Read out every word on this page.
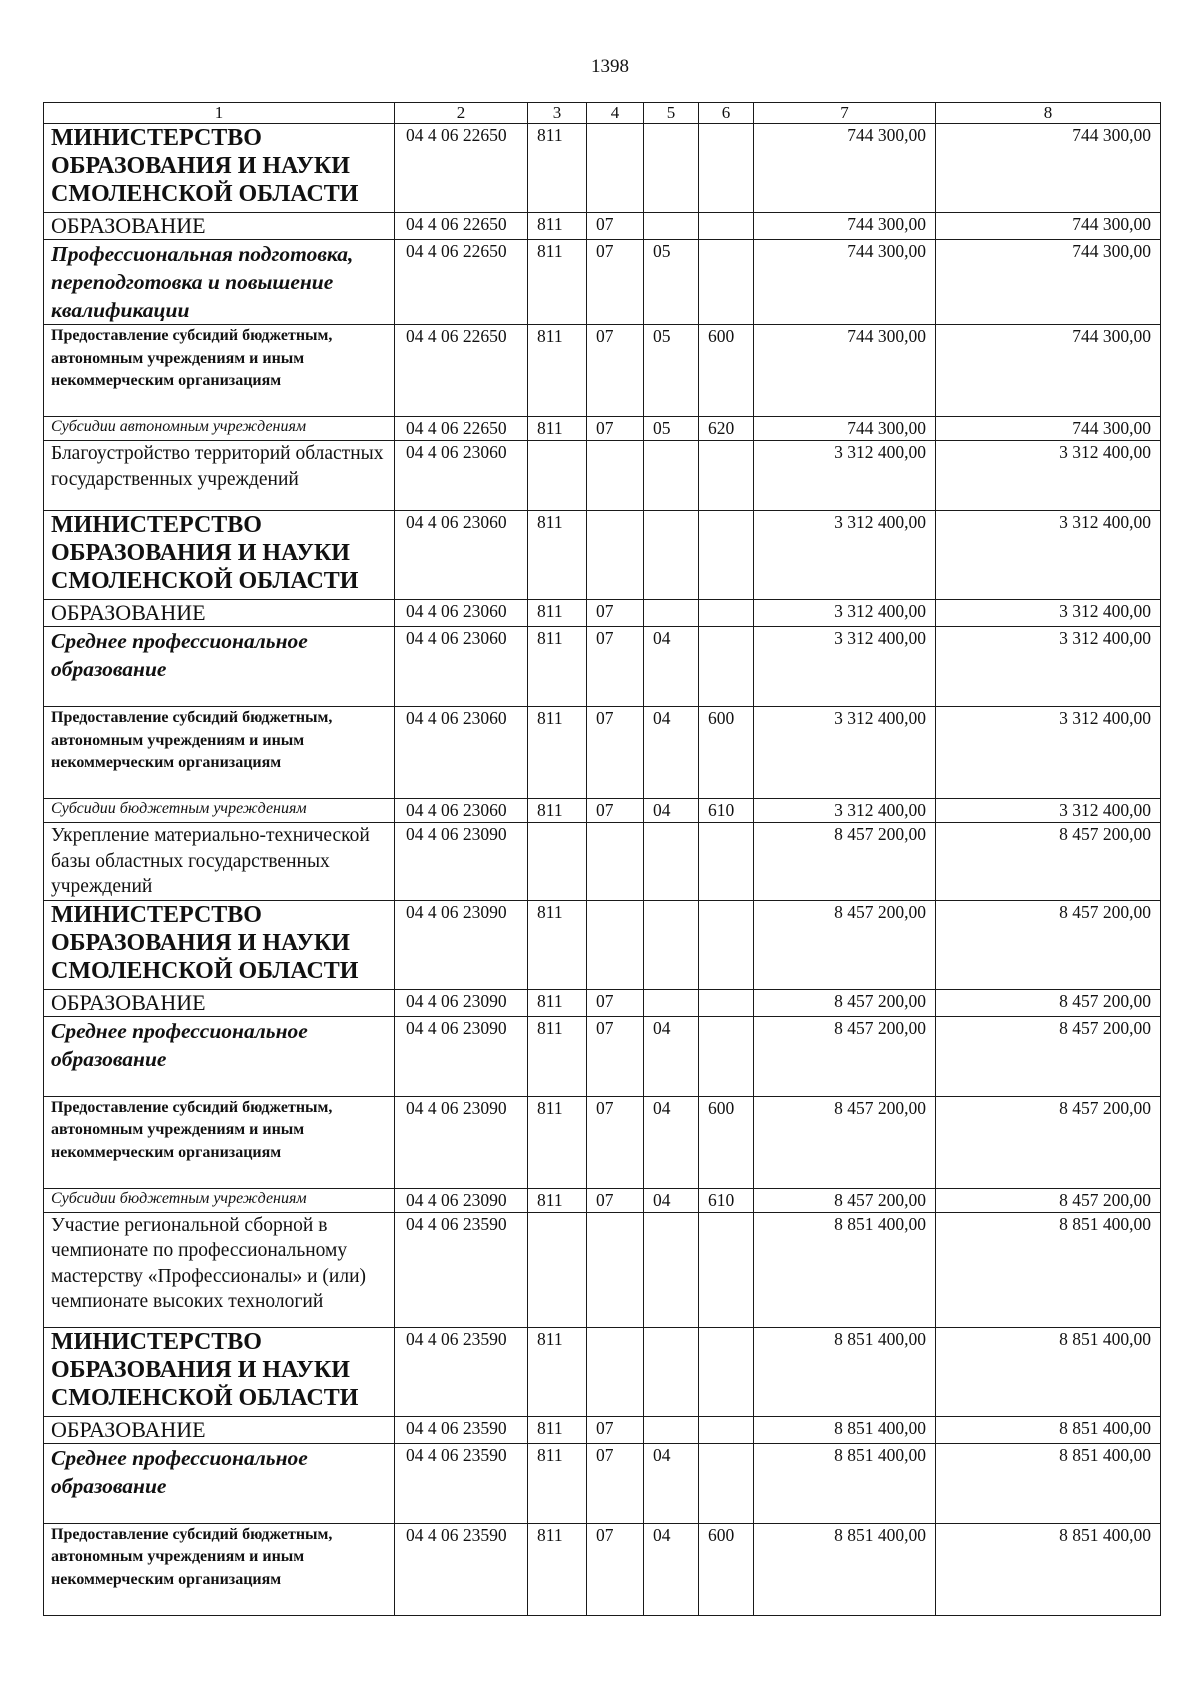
1398
1	2	3	4	5	6	7	8
МИНИСТЕРСТВО ОБРАЗОВАНИЯ И НАУКИ СМОЛЕНСКОЙ ОБЛАСТИ	04 4 06 22650	811				744 300,00	744 300,00
ОБРАЗОВАНИЕ	04 4 06 22650	811	07			744 300,00	744 300,00
Профессиональная подготовка, переподготовка и повышение квалификации	04 4 06 22650	811	07	05		744 300,00	744 300,00
Предоставление субсидий бюджетным, автономным учреждениям и иным некоммерческим организациям	04 4 06 22650	811	07	05	600	744 300,00	744 300,00
Субсидии автономным учреждениям	04 4 06 22650	811	07	05	620	744 300,00	744 300,00
Благоустройство территорий областных государственных учреждений	04 4 06 23060					3 312 400,00	3 312 400,00
МИНИСТЕРСТВО ОБРАЗОВАНИЯ И НАУКИ СМОЛЕНСКОЙ ОБЛАСТИ	04 4 06 23060	811				3 312 400,00	3 312 400,00
ОБРАЗОВАНИЕ	04 4 06 23060	811	07			3 312 400,00	3 312 400,00
Среднее профессиональное образование	04 4 06 23060	811	07	04		3 312 400,00	3 312 400,00
Предоставление субсидий бюджетным, автономным учреждениям и иным некоммерческим организациям	04 4 06 23060	811	07	04	600	3 312 400,00	3 312 400,00
Субсидии бюджетным учреждениям	04 4 06 23060	811	07	04	610	3 312 400,00	3 312 400,00
Укрепление материально-технической базы областных государственных учреждений	04 4 06 23090					8 457 200,00	8 457 200,00
МИНИСТЕРСТВО ОБРАЗОВАНИЯ И НАУКИ СМОЛЕНСКОЙ ОБЛАСТИ	04 4 06 23090	811				8 457 200,00	8 457 200,00
ОБРАЗОВАНИЕ	04 4 06 23090	811	07			8 457 200,00	8 457 200,00
Среднее профессиональное образование	04 4 06 23090	811	07	04		8 457 200,00	8 457 200,00
Предоставление субсидий бюджетным, автономным учреждениям и иным некоммерческим организациям	04 4 06 23090	811	07	04	600	8 457 200,00	8 457 200,00
Субсидии бюджетным учреждениям	04 4 06 23090	811	07	04	610	8 457 200,00	8 457 200,00
Участие региональной сборной в чемпионате по профессиональному мастерству «Профессионалы» и (или) чемпионате высоких технологий	04 4 06 23590					8 851 400,00	8 851 400,00
МИНИСТЕРСТВО ОБРАЗОВАНИЯ И НАУКИ СМОЛЕНСКОЙ ОБЛАСТИ	04 4 06 23590	811				8 851 400,00	8 851 400,00
ОБРАЗОВАНИЕ	04 4 06 23590	811	07			8 851 400,00	8 851 400,00
Среднее профессиональное образование	04 4 06 23590	811	07	04		8 851 400,00	8 851 400,00
Предоставление субсидий бюджетным, автономным учреждениям и иным некоммерческим организациям	04 4 06 23590	811	07	04	600	8 851 400,00	8 851 400,00
